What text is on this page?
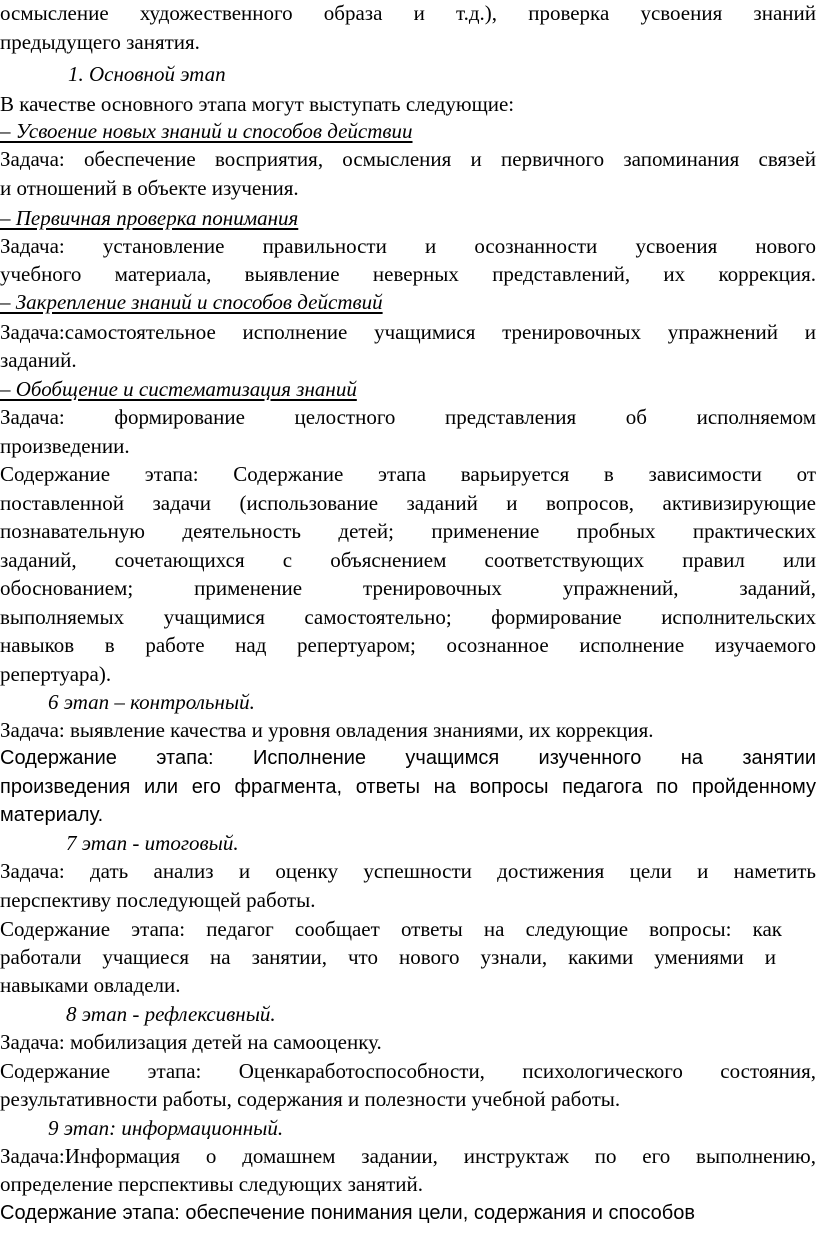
осмысление художественного образа и т.д.), проверка усвоения знаний
предыдущего занятия.
1. Основной этап
В качестве основного этапа могут выступать следующие:
– Усвоение новых знаний и способов действии
Задача: обеспечение восприятия, осмысления и первичного запоминания связей
и отношений в объекте изучения.
– Первичная проверка понимания
Задача: установление правильности и осознанности усвоения нового
учебного материала, выявление неверных представлений, их коррекция.
– Закрепление знаний и способов действий
Задача:самостоятельное исполнение учащимися тренировочных упражнений и
заданий.
– Обобщение и систематизация знаний
Задача: формирование целостного представления об исполняемом
произведении.
Содержание этапа: Содержание этапа варьируется в зависимости от
поставленной задачи (использование заданий и вопросов, активизирующие
познавательную деятельность детей; применение пробных практических
заданий, сочетающихся с объяснением соответствующих правил или
обоснованием; применение тренировочных упражнений, заданий,
выполняемых учащимися самостоятельно; формирование исполнительских
навыков в работе над репертуаром; осознанное исполнение изучаемого
репертуара).
6 этап – контрольный.
Задача: выявление качества и уровня овладения знаниями, их коррекция.
Содержание этапа: Исполнение учащимся изученного на занятии
произведения или его фрагмента, ответы на вопросы педагога по пройденному
материалу.
7 этап - итоговый.
Задача: дать анализ и оценку успешности достижения цели и наметить
перспективу последующей работы.
Содержание этапа: педагог сообщает ответы на следующие вопросы: как
работали учащиеся на занятии, что нового узнали, какими умениями и
навыками овладели.
8 этап - рефлексивный.
Задача: мобилизация детей на самооценку.
Содержание этапа: Оценкаработоспособности, психологического состояния,
результативности работы, содержания и полезности учебной работы.
9 этап: информационный.
Задача:Информация о домашнем задании, инструктаж по его выполнению,
определение перспективы следующих занятий.
Содержание этапа: обеспечение понимания цели, содержания и способов
